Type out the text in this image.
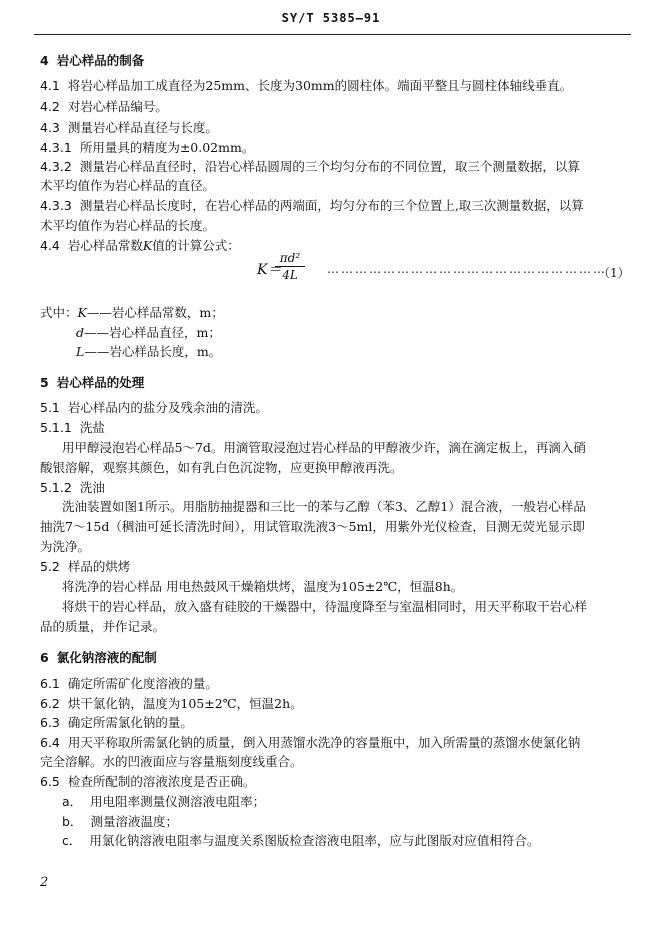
SY/T 5385—91
4 岩心样品的制备
4.1 将岩心样品加工成直径为25mm、长度为30mm的圆柱体。端面平整且与圆柱体轴线垂直。
4.2 对岩心样品编号。
4.3 测量岩心样品直径与长度。
4.3.1 所用量具的精度为±0.02mm。
4.3.2 测量岩心样品直径时，沿岩心样品圆周的三个均匀分布的不同位置，取三个测量数据，以算
术平均值作为岩心样品的直径。
4.3.3 测量岩心样品长度时，在岩心样品的两端面，均匀分布的三个位置上,取三次测量数据，以算
术平均值作为岩心样品的长度。
4.4 岩心样品常数K值的计算公式：
K＝
πd²
4L	……………………………………………………
（1）
式中：K——岩心样品常数，m；
d——岩心样品直径，m；
L——岩心样品长度，m。
5 岩心样品的处理
5.1 岩心样品内的盐分及残余油的清洗。
5.1.1 洗盐
用甲醇浸泡岩心样品5～7d。用滴管取浸泡过岩心样品的甲醇液少许，滴在滴定板上，再滴入硝
酸银溶解，观察其颜色，如有乳白色沉淀物，应更换甲醇液再洗。
5.1.2 洗油
洗油装置如图1所示。用脂肪抽提器和三比一的苯与乙醇（苯3、乙醇1）混合液，一般岩心样品
抽洗7～15d（稠油可延长清洗时间），用试管取洗液3～5ml，用紫外光仪检查，目测无荧光显示即
为洗净。
5.2 样品的烘烤
将洗净的岩心样品 用电热鼓风干燥箱烘烤，温度为105±2℃，恒温8h。
将烘干的岩心样品，放入盛有硅胶的干燥器中，待温度降至与室温相同时，用天平称取干岩心样
品的质量，并作记录。
6 氯化钠溶液的配制
6.1 确定所需矿化度溶液的量。
6.2 烘干氯化钠，温度为105±2℃，恒温2h。
6.3 确定所需氯化钠的量。
6.4 用天平称取所需氯化钠的质量，倒入用蒸馏水洗净的容量瓶中，加入所需量的蒸馏水使氯化钠
完全溶解。水的凹液面应与容量瓶刻度线重合。
6.5 检查所配制的溶液浓度是否正确。
a． 用电阻率测量仪测溶液电阻率；
b． 测量溶液温度；
c． 用氯化钠溶液电阻率与温度关系图版检查溶液电阻率，应与此图版对应值相符合。
2
